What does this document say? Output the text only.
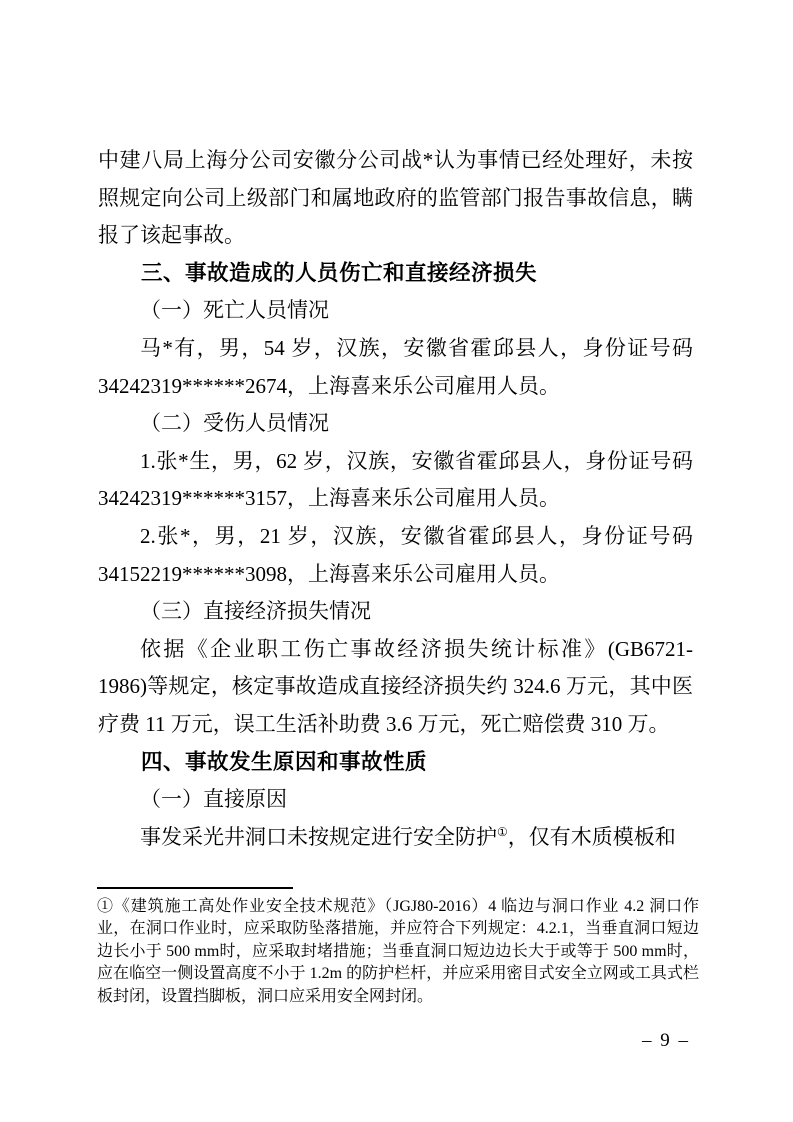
中建八局上海分公司安徽分公司战*认为事情已经处理好，未按照规定向公司上级部门和属地政府的监管部门报告事故信息，瞒报了该起事故。

三、事故造成的人员伤亡和直接经济损失

（一）死亡人员情况

马*有，男，54 岁，汉族，安徽省霍邱县人，身份证号码34242319******2674，上海喜来乐公司雇用人员。

（二）受伤人员情况

1.张*生，男，62 岁，汉族，安徽省霍邱县人，身份证号码34242319******3157，上海喜来乐公司雇用人员。

2.张*，男，21 岁，汉族，安徽省霍邱县人，身份证号码34152219******3098，上海喜来乐公司雇用人员。

（三）直接经济损失情况

依据《企业职工伤亡事故经济损失统计标准》(GB6721-1986)等规定，核定事故造成直接经济损失约 324.6 万元，其中医疗费 11 万元，误工生活补助费 3.6 万元，死亡赔偿费 310 万。

四、事故发生原因和事故性质

（一）直接原因

事发采光井洞口未按规定进行安全防护①，仅有木质模板和

①《建筑施工高处作业安全技术规范》（JGJ80-2016）4 临边与洞口作业 4.2 洞口作业，在洞口作业时，应采取防坠落措施，并应符合下列规定：4.2.1，当垂直洞口短边边长小于 500 mm时，应采取封堵措施；当垂直洞口短边边长大于或等于 500 mm时，应在临空一侧设置高度不小于 1.2m 的防护栏杆，并应采用密目式安全立网或工具式栏板封闭，设置挡脚板，洞口应采用安全网封闭。

– 9 –
